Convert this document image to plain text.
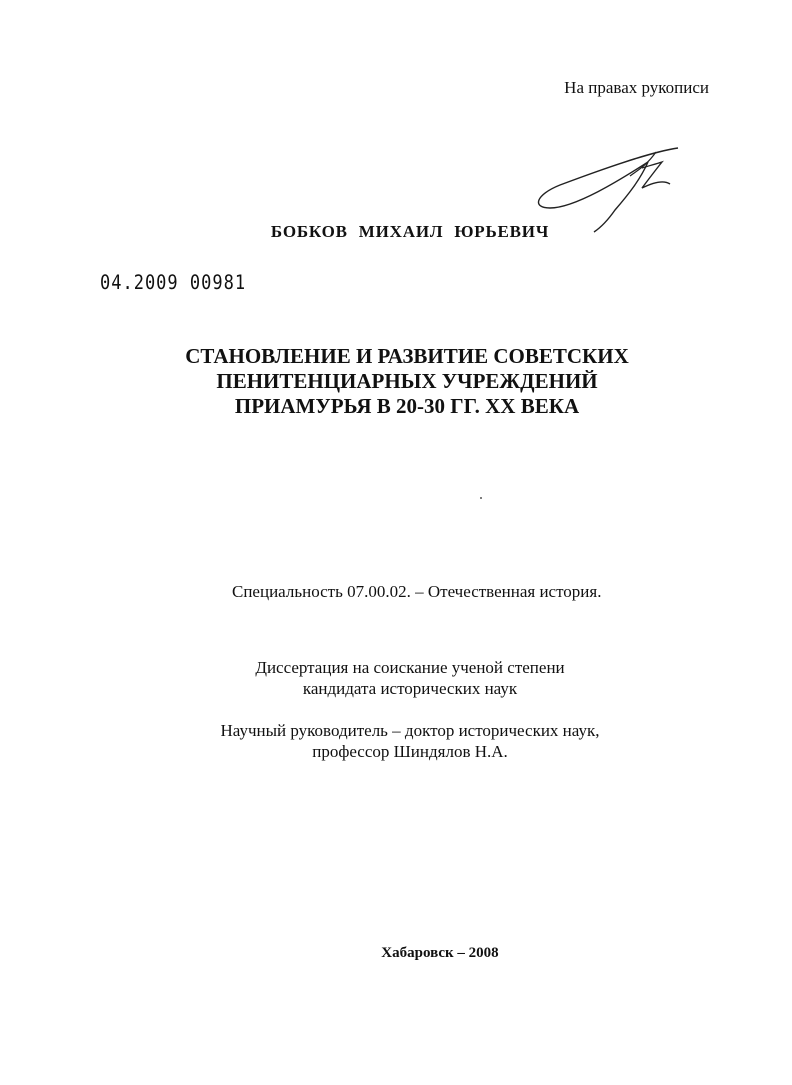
На правах рукописи

БОБКОВ МИХАИЛ ЮРЬЕВИЧ
04.2009 00981
СТАНОВЛЕНИЕ И РАЗВИТИЕ СОВЕТСКИХ
ПЕНИТЕНЦИАРНЫХ УЧРЕЖДЕНИЙ
ПРИАМУРЬЯ В 20-30 ГГ. XX ВЕКА
Специальность 07.00.02. – Отечественная история.
Диссертация на соискание ученой степени
кандидата исторических наук
Научный руководитель – доктор исторических наук,
профессор Шиндялов Н.А.
Хабаровск – 2008
